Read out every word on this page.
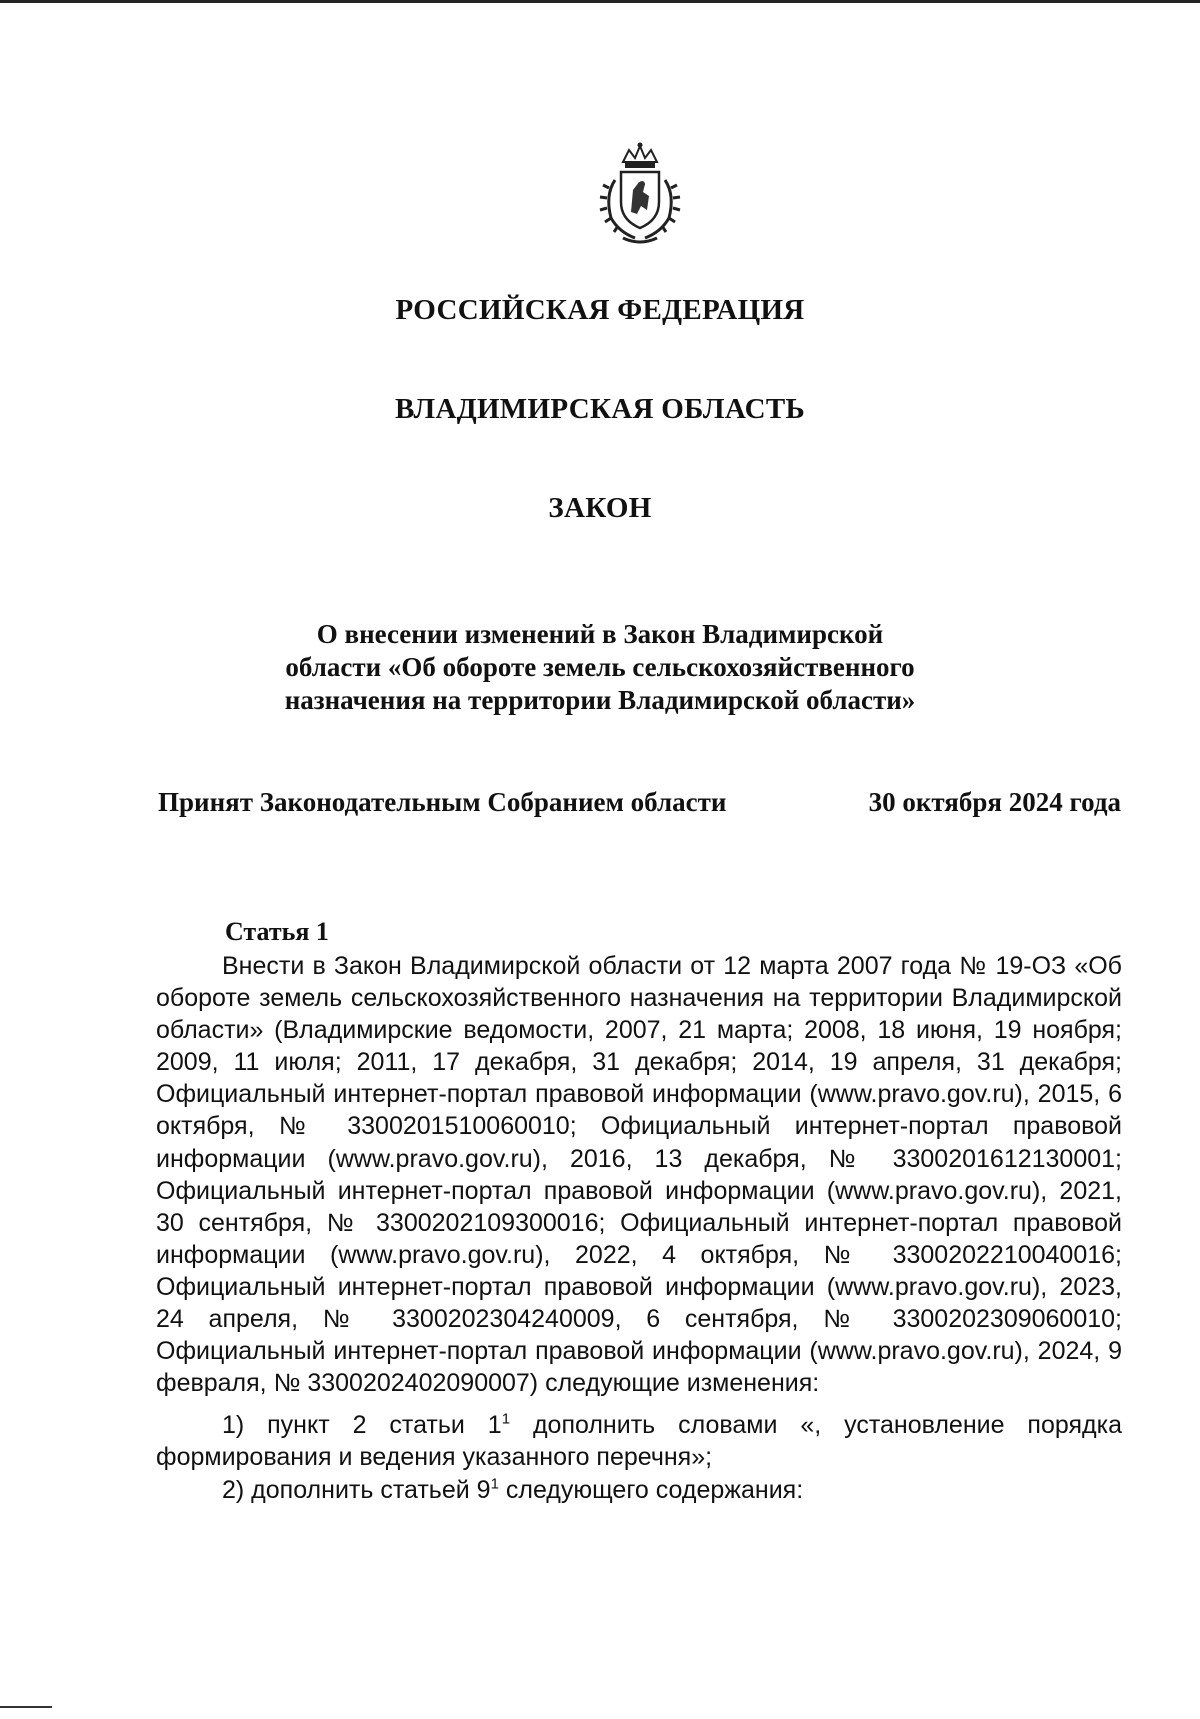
РОССИЙСКАЯ ФЕДЕРАЦИЯ
ВЛАДИМИРСКАЯ ОБЛАСТЬ
ЗАКОН
О внесении изменений в Закон Владимирской
области «Об обороте земель сельскохозяйственного
назначения на территории Владимирской области»
Принят Законодательным Собранием области	30 октября 2024 года
Статья 1

Внести в Закон Владимирской области от 12 марта 2007 года № 19-ОЗ «Об обороте земель сельскохозяйственного назначения на территории Владимирской области» (Владимирские ведомости, 2007, 21 марта; 2008, 18 июня, 19 ноября; 2009, 11 июля; 2011, 17 декабря, 31 декабря; 2014, 19 апреля, 31 декабря; Официальный интернет-портал правовой информации (www.pravo.gov.ru), 2015, 6 октября, № 3300201510060010; Официальный интернет-портал правовой информации (www.pravo.gov.ru), 2016, 13 декабря, № 3300201612130001; Официальный интернет-портал правовой информации (www.pravo.gov.ru), 2021, 30 сентября, № 3300202109300016; Официальный интернет-портал правовой информации (www.pravo.gov.ru), 2022, 4 октября, № 3300202210040016; Официальный интернет-портал правовой информации (www.pravo.gov.ru), 2023, 24 апреля, № 3300202304240009, 6 сентября, № 3300202309060010; Официальный интернет-портал правовой информации (www.pravo.gov.ru), 2024, 9 февраля, № 3300202402090007) следующие изменения:

1) пункт 2 статьи $1^1$ дополнить словами «, установление порядка формирования и ведения указанного перечня»;

2) дополнить статьей $9^1$ следующего содержания:
